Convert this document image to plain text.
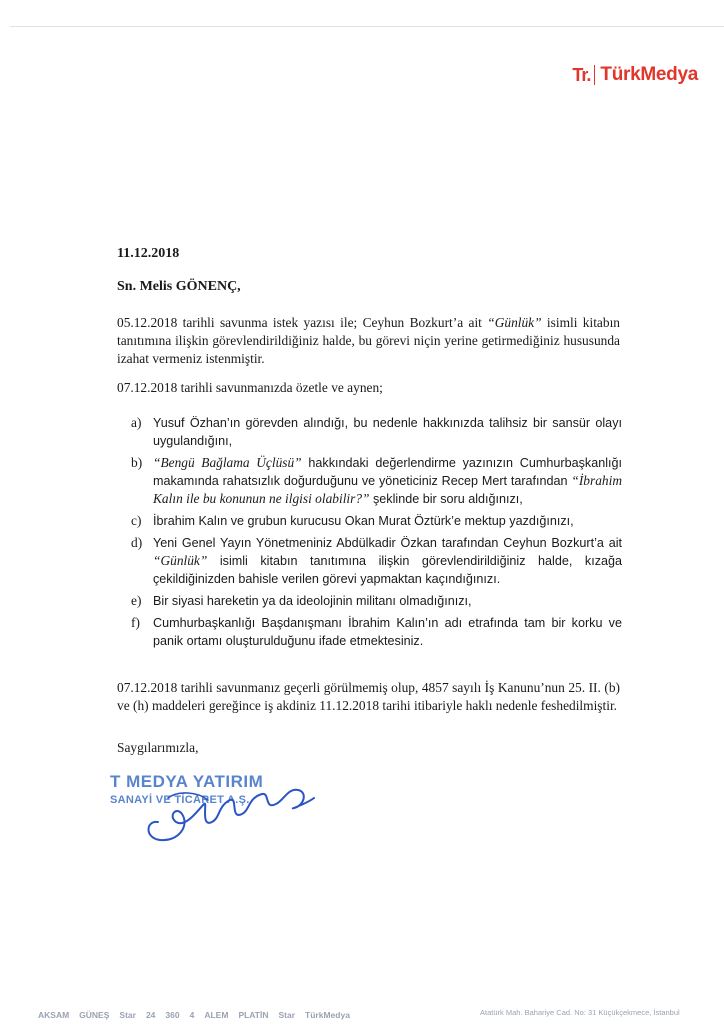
Tr. TürkMedya
11.12.2018
Sn. Melis GÖNENÇ,
05.12.2018 tarihli savunma istek yazısı ile; Ceyhun Bozkurt’a ait “Günlük” isimli kitabın tanıtımına ilişkin görevlendirildiğiniz halde, bu görevi niçin yerine getirmediğiniz hususunda izahat vermeniz istenmiştir.
07.12.2018 tarihli savunmanızda özetle ve aynen;
a) Yusuf Özhan’ın görevden alındığı, bu nedenle hakkınızda talihsiz bir sansür olayı uygulandığını,
b) “Bengü Bağlama Üçlüsü” hakkındaki değerlendirme yazınızın Cumhurbaşkanlığı makamında rahatsızlık doğurduğunu ve yöneticiniz Recep Mert tarafından “İbrahim Kalın ile bu konunun ne ilgisi olabilir?” şeklinde bir soru aldığınızı,
c) İbrahim Kalın ve grubun kurucusu Okan Murat Öztürk’e mektup yazdığınızı,
d) Yeni Genel Yayın Yönetmeniniz Abdülkadir Özkan tarafından Ceyhun Bozkurt’a ait “Günlük” isimli kitabın tanıtımına ilişkin görevlendirildiğiniz halde, kızağa çekildiğinizden bahisle verilen görevi yapmaktan kaçındığınızı.
e) Bir siyasi hareketin ya da ideolojinin militanı olmadığınızı,
f) Cumhurbaşkanlığı Başdanışmanı İbrahim Kalın’ın adı etrafında tam bir korku ve panik ortamı oluşturulduğunu ifade etmektesiniz.
07.12.2018 tarihli savunmanız geçerli görülmemiş olup, 4857 sayılı İş Kanunu’nun 25. II. (b) ve (h) maddeleri gereğince iş akdiniz 11.12.2018 tarihi itibariyle haklı nedenle feshedilmiştir.
Saygılarımızla,
T MEDYA YATIRIM
SANAYİ VE TİCARET A.Ş.
AKSAM GÜNEŞ Star 24 360 4 ALEM PLATİN Star TürkMedya	Atatürk Mah. Bahariye Cad. No: 31 Küçükçekmece, İstanbul
